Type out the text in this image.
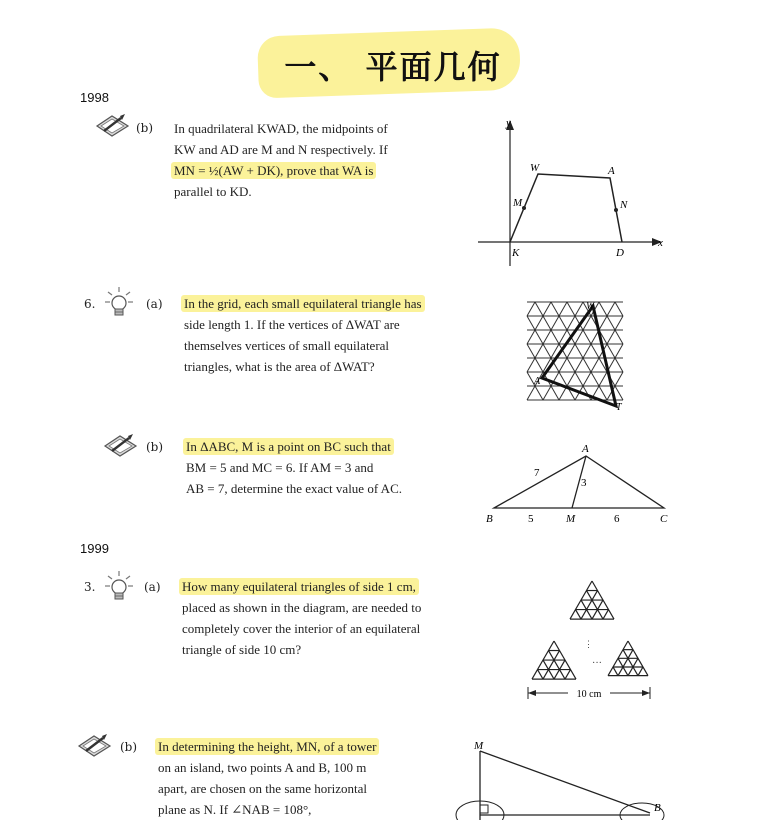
一、 平面几何
1998
(b) In quadrilateral KWAD, the midpoints of
KW and AD are M and N respectively. If
MN = ½(AW + DK), prove that WA is
parallel to KD.
y
x
W	A
M	N
K	D
6.	(a) In the grid, each small equilateral triangle has
side length 1. If the vertices of ΔWAT are
themselves vertices of small equilateral
triangles, what is the area of ΔWAT?
W
A
T
(b) In ΔABC, M is a point on BC such that
BM = 5 and MC = 6. If AM = 3 and
AB = 7, determine the exact value of AC.
A
B	C
M
7
3
5	6
1999
3.	(a) How many equilateral triangles of side 1 cm,
placed as shown in the diagram, are needed to
completely cover the interior of an equilateral
triangle of side 10 cm?	⋮
···
10 cm
(b) In determining the height, MN, of a tower
on an island, two points A and B, 100 m
apart, are chosen on the same horizontal
plane as N. If ∠NAB = 108°,
M
B
